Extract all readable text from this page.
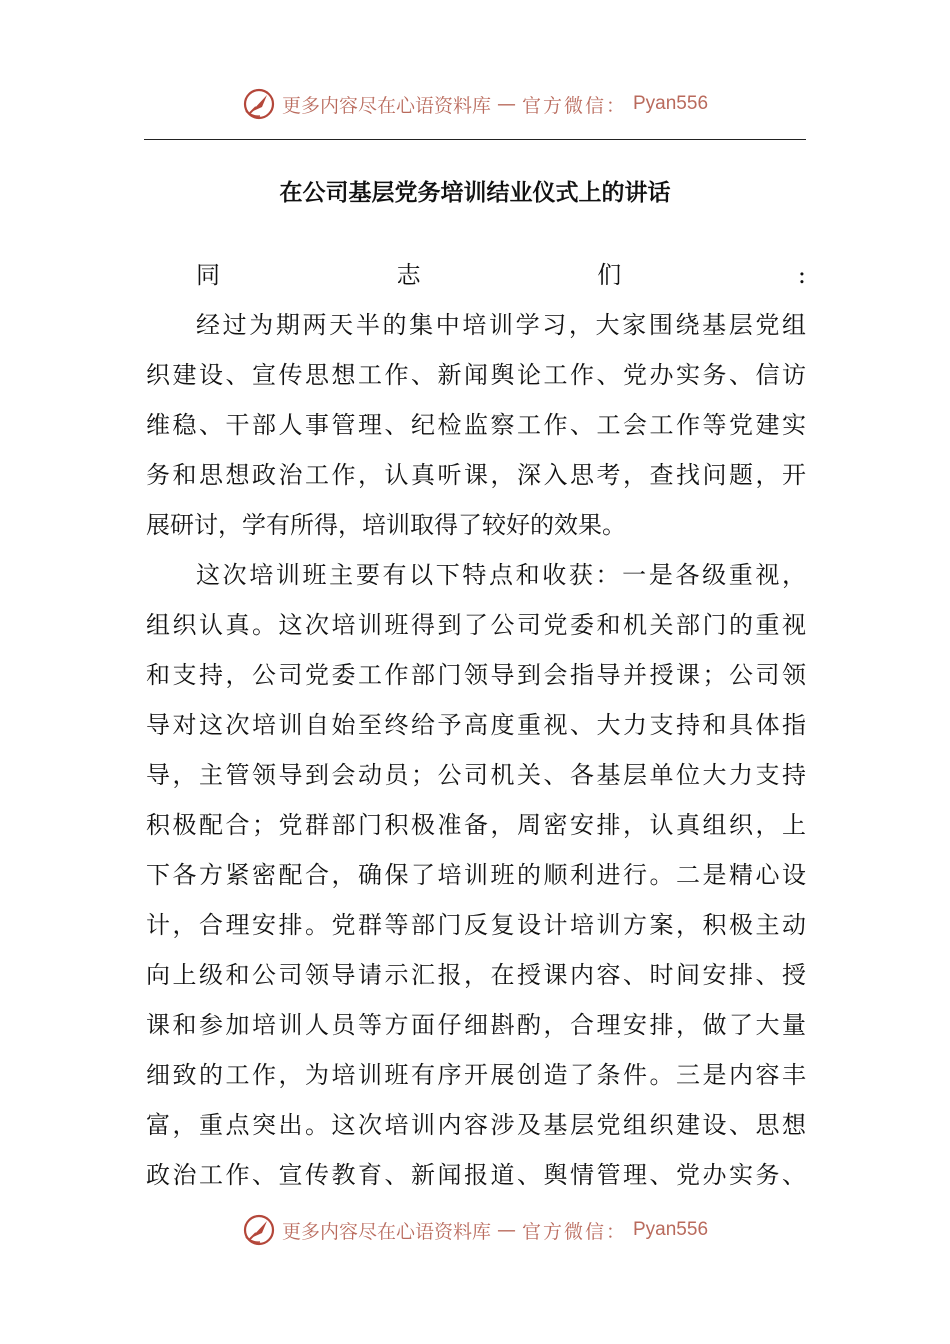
更多内容尽在心语资料库 — 官方微信： Pyan556
在公司基层党务培训结业仪式上的讲话
同志们:
经过为期两天半的集中培训学习，大家围绕基层党组
织建设、宣传思想工作、新闻舆论工作、党办实务、信访
维稳、干部人事管理、纪检监察工作、工会工作等党建实
务和思想政治工作，认真听课，深入思考，查找问题，开
展研讨，学有所得，培训取得了较好的效果。
这次培训班主要有以下特点和收获：一是各级重视，
组织认真。这次培训班得到了公司党委和机关部门的重视
和支持，公司党委工作部门领导到会指导并授课；公司领
导对这次培训自始至终给予高度重视、大力支持和具体指
导，主管领导到会动员；公司机关、各基层单位大力支持
积极配合；党群部门积极准备，周密安排，认真组织，上
下各方紧密配合，确保了培训班的顺利进行。二是精心设
计，合理安排。党群等部门反复设计培训方案，积极主动
向上级和公司领导请示汇报，在授课内容、时间安排、授
课和参加培训人员等方面仔细斟酌，合理安排，做了大量
细致的工作，为培训班有序开展创造了条件。三是内容丰
富，重点突出。这次培训内容涉及基层党组织建设、思想
政治工作、宣传教育、新闻报道、舆情管理、党办实务、
更多内容尽在心语资料库 — 官方微信： Pyan556
